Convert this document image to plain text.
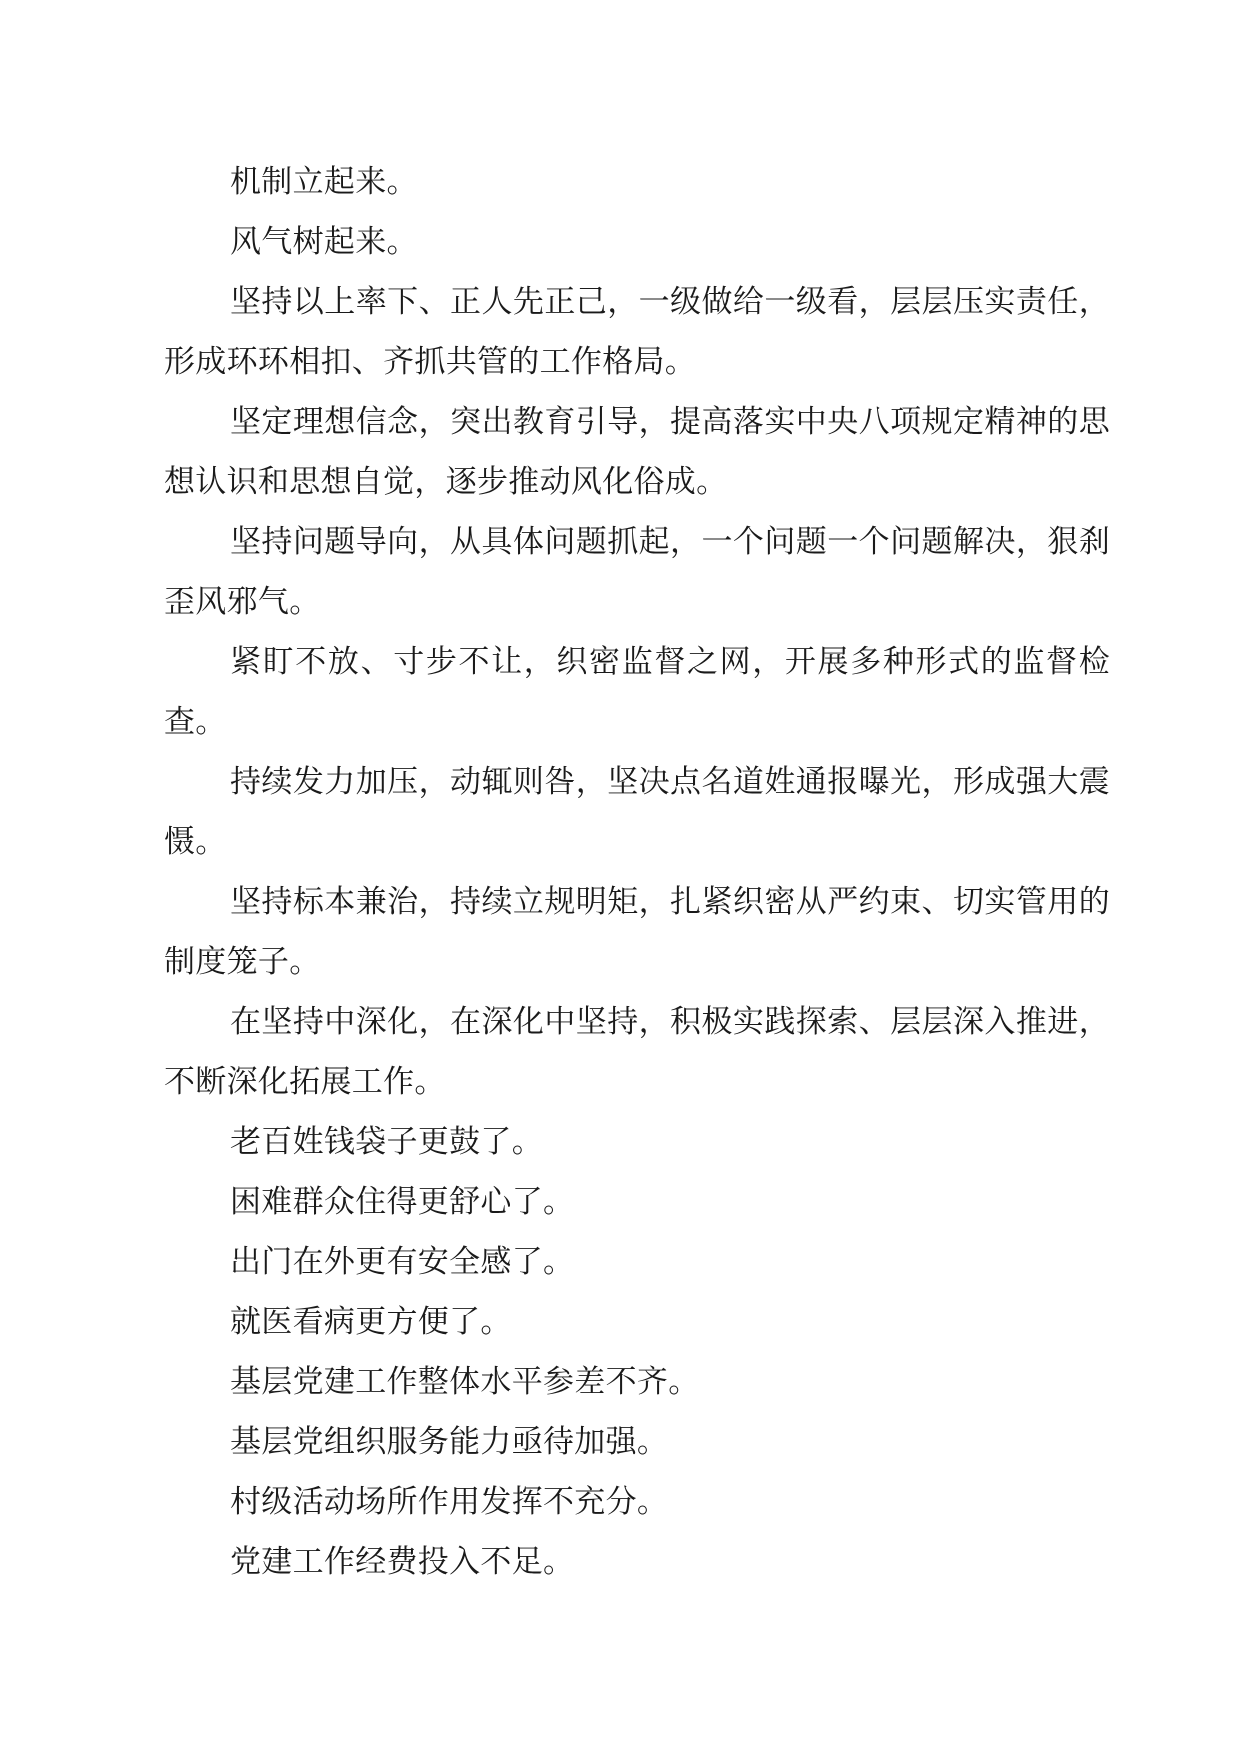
机制立起来。

风气树起来。

坚持以上率下、正人先正己，一级做给一级看，层层压实责任，形成环环相扣、齐抓共管的工作格局。

坚定理想信念，突出教育引导，提高落实中央八项规定精神的思想认识和思想自觉，逐步推动风化俗成。

坚持问题导向，从具体问题抓起，一个问题一个问题解决，狠刹歪风邪气。

紧盯不放、寸步不让，织密监督之网，开展多种形式的监督检查。

持续发力加压，动辄则咎，坚决点名道姓通报曝光，形成强大震慑。

坚持标本兼治，持续立规明矩，扎紧织密从严约束、切实管用的制度笼子。

在坚持中深化，在深化中坚持，积极实践探索、层层深入推进，不断深化拓展工作。

老百姓钱袋子更鼓了。

困难群众住得更舒心了。

出门在外更有安全感了。

就医看病更方便了。

基层党建工作整体水平参差不齐。

基层党组织服务能力亟待加强。

村级活动场所作用发挥不充分。

党建工作经费投入不足。
